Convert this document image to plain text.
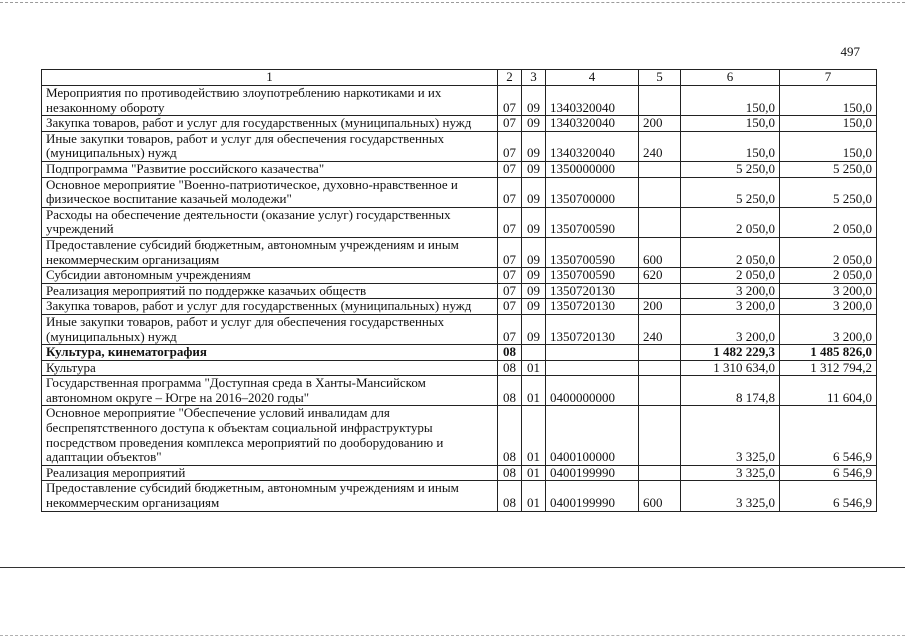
497
1	2	3	4	5	6	7
Мероприятия по противодействию злоупотреблению наркотиками и их незаконному обороту	07	09	1340320040		150,0	150,0
Закупка товаров, работ и услуг для государственных (муниципальных) нужд	07	09	1340320040	200	150,0	150,0
Иные закупки товаров, работ и услуг для обеспечения государственных (муниципальных) нужд	07	09	1340320040	240	150,0	150,0
Подпрограмма "Развитие российского казачества"	07	09	1350000000		5 250,0	5 250,0
Основное мероприятие "Военно-патриотическое, духовно-нравственное и физическое воспитание казачьей молодежи"	07	09	1350700000		5 250,0	5 250,0
Расходы на обеспечение деятельности (оказание услуг) государственных учреждений	07	09	1350700590		2 050,0	2 050,0
Предоставление субсидий бюджетным, автономным учреждениям и иным некоммерческим организациям	07	09	1350700590	600	2 050,0	2 050,0
Субсидии автономным учреждениям	07	09	1350700590	620	2 050,0	2 050,0
Реализация мероприятий по поддержке казачьих обществ	07	09	1350720130		3 200,0	3 200,0
Закупка товаров, работ и услуг для государственных (муниципальных) нужд	07	09	1350720130	200	3 200,0	3 200,0
Иные закупки товаров, работ и услуг для обеспечения государственных (муниципальных) нужд	07	09	1350720130	240	3 200,0	3 200,0
Культура, кинематография	08				1 482 229,3	1 485 826,0
Культура	08	01			1 310 634,0	1 312 794,2
Государственная программа "Доступная среда в Ханты-Мансийском автономном округе – Югре на 2016–2020 годы"	08	01	0400000000		8 174,8	11 604,0
Основное мероприятие "Обеспечение условий инвалидам для беспрепятственного доступа к объектам социальной инфраструктуры посредством проведения комплекса мероприятий по дооборудованию и адаптации объектов"	08	01	0400100000		3 325,0	6 546,9
Реализация мероприятий	08	01	0400199990		3 325,0	6 546,9
Предоставление субсидий бюджетным, автономным учреждениям и иным некоммерческим организациям	08	01	0400199990	600	3 325,0	6 546,9
